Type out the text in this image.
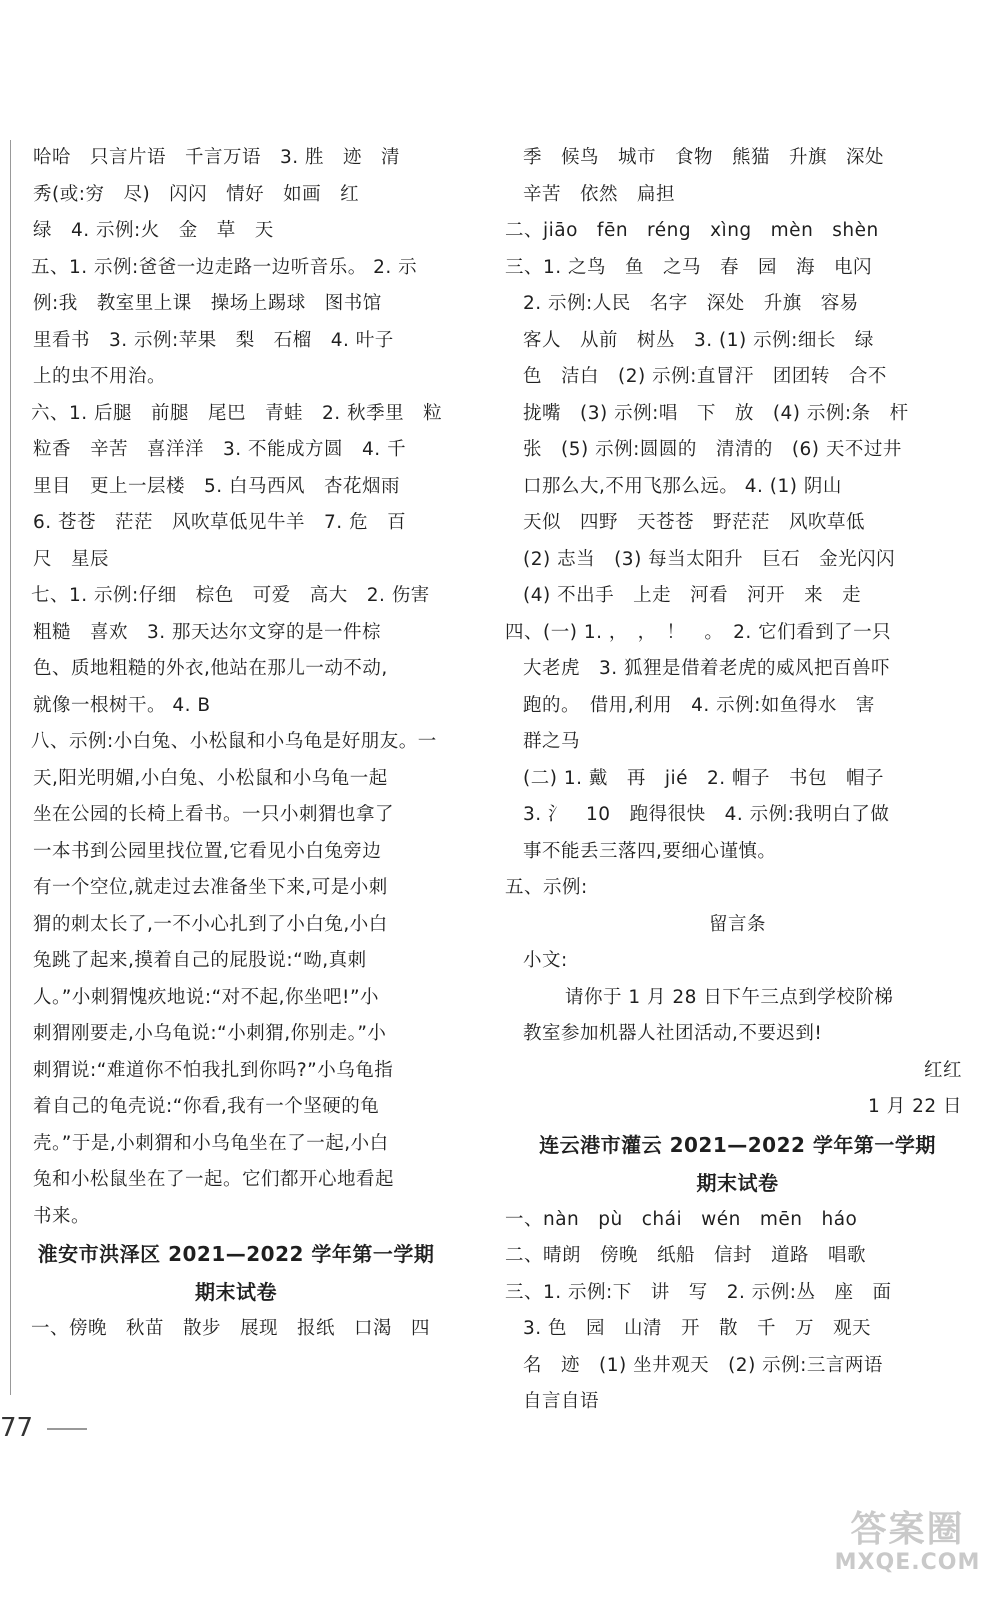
哈哈　只言片语　千言万语　3. 胜　迹　清
秀(或:穷　尽)　闪闪　情好　如画　红
绿　4. 示例:火　金　草　天
五、1. 示例:爸爸一边走路一边听音乐。 2. 示
例:我　教室里上课　操场上踢球　图书馆
里看书　3. 示例:苹果　梨　石榴　4. 叶子
上的虫不用治。
六、1. 后腿　前腿　尾巴　青蛙　2. 秋季里　粒
粒香　辛苦　喜洋洋　3. 不能成方圆　4. 千
里目　更上一层楼　5. 白马西风　杏花烟雨
6. 苍苍　茫茫　风吹草低见牛羊　7. 危　百
尺　星辰
七、1. 示例:仔细　棕色　可爱　高大　2. 伤害
粗糙　喜欢　3. 那天达尔文穿的是一件棕
色、质地粗糙的外衣,他站在那儿一动不动,
就像一根树干。 4. B
八、示例:小白兔、小松鼠和小乌龟是好朋友。一
天,阳光明媚,小白兔、小松鼠和小乌龟一起
坐在公园的长椅上看书。一只小刺猬也拿了
一本书到公园里找位置,它看见小白兔旁边
有一个空位,就走过去准备坐下来,可是小刺
猬的刺太长了,一不小心扎到了小白兔,小白
兔跳了起来,摸着自己的屁股说:“呦,真刺
人。”小刺猬愧疚地说:“对不起,你坐吧!”小
刺猬刚要走,小乌龟说:“小刺猬,你别走。”小
刺猬说:“难道你不怕我扎到你吗?”小乌龟指
着自己的龟壳说:“你看,我有一个坚硬的龟
壳。”于是,小刺猬和小乌龟坐在了一起,小白
兔和小松鼠坐在了一起。它们都开心地看起
书来。
淮安市洪泽区 2021—2022 学年第一学期
期末试卷
一、傍晚　秋苗　散步　展现　报纸　口渴　四
季　候鸟　城市　食物　熊猫　升旗　深处
辛苦　依然　扁担
二、jiāo　fēn　réng　xìng　mèn　shèn
三、1. 之鸟　鱼　之马　春　园　海　电闪
2. 示例:人民　名字　深处　升旗　容易
客人　从前　树丛　3. (1) 示例:细长　绿
色　洁白　(2) 示例:直冒汗　团团转　合不
拢嘴　(3) 示例:唱　下　放　(4) 示例:条　杆
张　(5) 示例:圆圆的　清清的　(6) 天不过井
口那么大,不用飞那么远。 4. (1) 阴山
天似　四野　天苍苍　野茫茫　风吹草低
(2) 志当　(3) 每当太阳升　巨石　金光闪闪
(4) 不出手　上走　河看　河开　来　走
四、(一) 1. ，　，　！　。　2. 它们看到了一只
大老虎　3. 狐狸是借着老虎的威风把百兽吓
跑的。　借用,利用　4. 示例:如鱼得水　害
群之马
(二) 1. 戴　再　jié　2. 帽子　书包　帽子
3. 氵　10　跑得很快　4. 示例:我明白了做
事不能丢三落四,要细心谨慎。
五、示例:
留言条
小文:
请你于 1 月 28 日下午三点到学校阶梯
教室参加机器人社团活动,不要迟到!
红红
1 月 22 日
连云港市灌云 2021—2022 学年第一学期
期末试卷
一、nàn　pù　chái　wén　mēn　háo
二、晴朗　傍晚　纸船　信封　道路　唱歌
三、1. 示例:下　讲　写　2. 示例:丛　座　面
3. 色　园　山清　开　散　千　万　观天
名　迹　(1) 坐井观天　(2) 示例:三言两语
自言自语
77
答案圈
MXQE.COM
